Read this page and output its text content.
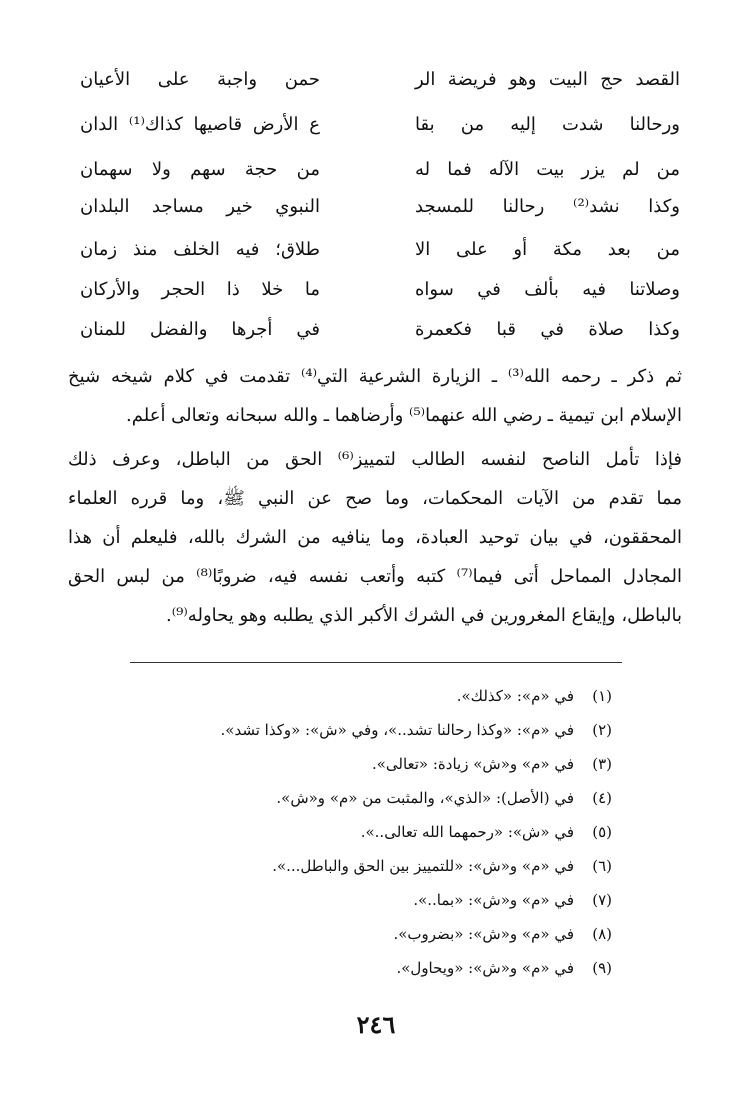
القصد حج البيت وهو فريضة الر
حمن واجبة على الأعيان
ورحالنا شدت إليه من بقا
ع الأرض قاصيها كذاك⁽¹⁾ الدان
من لم يزر بيت الآله فما له
من حجة سهم ولا سهمان
وكذا نشد⁽²⁾ رحالنا للمسجد
النبوي خير مساجد البلدان
من بعد مكة أو على الا
طلاق؛ فيه الخلف منذ زمان
وصلاتنا فيه بألف في سواه
ما خلا ذا الحجر والأركان
وكذا صلاة في قبا فكعمرة
في أجرها والفضل للمنان

ثم ذكر ـ رحمه الله⁽³⁾ ـ الزيارة الشرعية التي⁽⁴⁾ تقدمت في كلام شيخه شيخ

الإسلام ابن تيمية ـ رضي الله عنهما⁽⁵⁾ وأرضاهما ـ والله سبحانه وتعالى أعلم.

فإذا تأمل الناصح لنفسه الطالب لتمييز⁽⁶⁾ الحق من الباطل، وعرف ذلك

مما تقدم من الآيات المحكمات، وما صح عن النبي ﷺ، وما قرره العلماء

المحققون، في بيان توحيد العبادة، وما ينافيه من الشرك بالله، فليعلم أن هذا

المجادل المماحل أتى فيما⁽⁷⁾ كتبه وأتعب نفسه فيه، ضروبًا⁽⁸⁾ من لبس الحق

بالباطل، وإيقاع المغرورين في الشرك الأكبر الذي يطلبه وهو يحاوله⁽⁹⁾.

(١)في «م»: «كذلك».
(٢)في «م»: «وكذا رحالنا تشد..»، وفي «ش»: «وكذا تشد».
(٣)في «م» و«ش» زيادة: «تعالى».
(٤)في (الأصل): «الذي»، والمثبت من «م» و«ش».
(٥)في «ش»: «رحمهما الله تعالى..».
(٦)في «م» و«ش»: «للتمييز بين الحق والباطل...».
(٧)في «م» و«ش»: «بما..».
(٨)في «م» و«ش»: «بضروب».
(٩)في «م» و«ش»: «ويحاول».
٢٤٦
